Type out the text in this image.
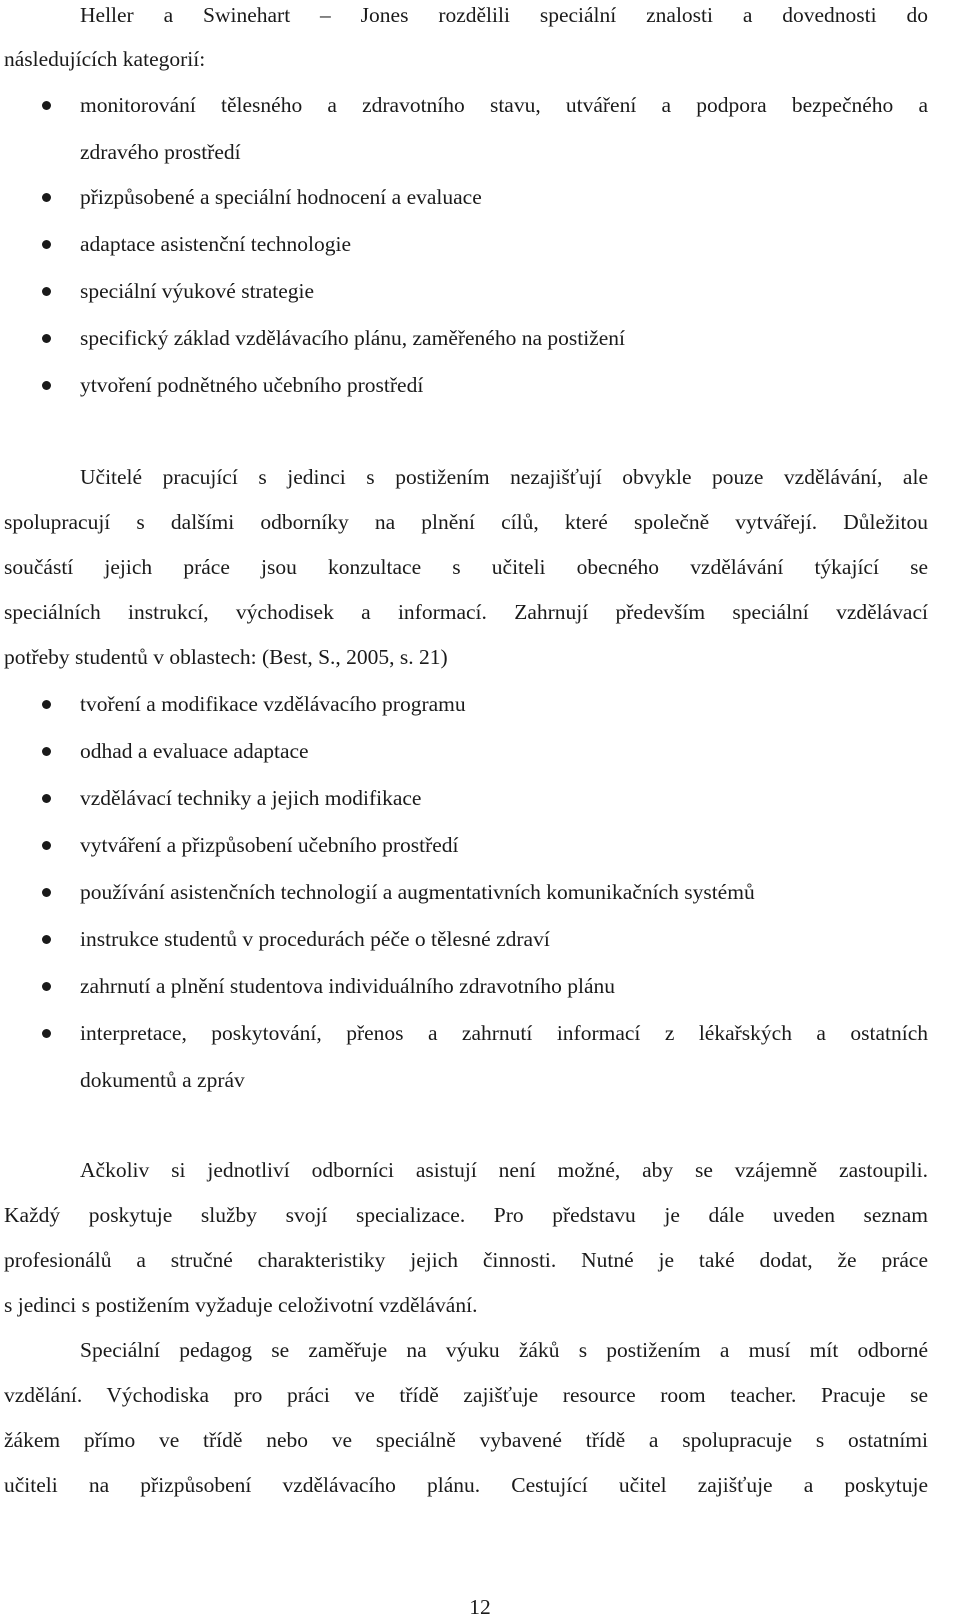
Heller a Swinehart – Jones rozdělili speciální znalosti a dovednosti do
následujících kategorií:
monitorování tělesného a zdravotního stavu, utváření a podpora bezpečného a
zdravého prostředí
přizpůsobené a speciální hodnocení a evaluace
adaptace asistenční technologie
speciální výukové strategie
specifický základ vzdělávacího plánu, zaměřeného na postižení
ytvoření podnětného učebního prostředí
Učitelé pracující s jedinci s postižením nezajišťují obvykle pouze vzdělávání, ale
spolupracují s dalšími odborníky na plnění cílů, které společně vytvářejí. Důležitou
součástí jejich práce jsou konzultace s učiteli obecného vzdělávání týkající se
speciálních instrukcí, východisek a informací. Zahrnují především speciální vzdělávací
potřeby studentů v oblastech: (Best, S., 2005, s. 21)
tvoření a modifikace vzdělávacího programu
odhad a evaluace adaptace
vzdělávací techniky a jejich modifikace
vytváření a přizpůsobení učebního prostředí
používání asistenčních technologií a augmentativních komunikačních systémů
instrukce studentů v procedurách péče o tělesné zdraví
zahrnutí a plnění studentova individuálního zdravotního plánu
interpretace, poskytování, přenos a zahrnutí informací z lékařských a ostatních
dokumentů a zpráv
Ačkoliv si jednotliví odborníci asistují není možné, aby se vzájemně zastoupili.
Každý poskytuje služby svojí specializace. Pro představu je dále uveden seznam
profesionálů a stručné charakteristiky jejich činnosti. Nutné je také dodat, že práce
s jedinci s postižením vyžaduje celoživotní vzdělávání.
Speciální pedagog se zaměřuje na výuku žáků s postižením a musí mít odborné
vzdělání. Východiska pro práci ve třídě zajišťuje resource room teacher. Pracuje se
žákem přímo ve třídě nebo ve speciálně vybavené třídě a spolupracuje s ostatními
učiteli na přizpůsobení vzdělávacího plánu. Cestující učitel zajišťuje a poskytuje
12
